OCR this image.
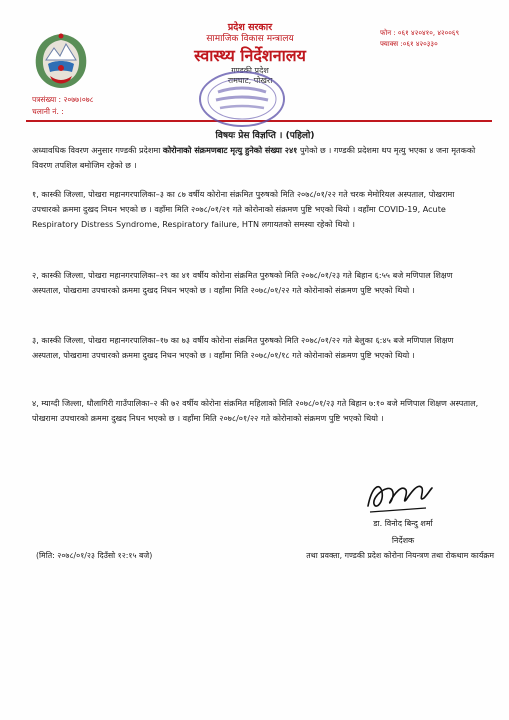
प्रदेश सरकार
सामाजिक विकास मन्त्रालय
स्वास्थ्य निर्देशनालय
गण्डकी प्रदेश
रामघाट, पोखरा
फोन : ०६१ ४२०४१०, ४२००६९
फ्याक्स :०६१ ४२०३३०
पत्रसंख्या : २०७७।०७८
चलानी नं. :
विषयः प्रेस विज्ञप्ति । (पहिलो)
अध्यावधिक विवरण अनुसार गण्डकी प्रदेशमा कोरोनाको संक्रमणबाट मृत्यु हुनेको संख्या २४१ पुगेको छ । गण्डकी प्रदेशमा थप मृत्यु भएका ४ जना मृतकको विवरण तपशिल बमोजिम रहेको छ ।
१, कास्की जिल्ला, पोखरा महानगरपालिका–३ का ८७ वर्षीय कोरोना संक्रमित पुरुषको मिति २०७८/०१/२२ गते चरक मेमोरियल अस्पताल, पोखरामा उपचारको क्रममा दुखद निधन भएको छ । वहाँमा मिति २०७८/०१/२१ गते कोरोनाको संक्रमण पुष्टि भएको थियो । वहाँमा COVID-19, Acute Respiratory Distress Syndrome, Respiratory failure, HTN लगायतको समस्या रहेको थियो ।
२, कास्की जिल्ला, पोखरा महानगरपालिका–२९ का ४१ वर्षीय कोरोना संक्रमित पुरुषको मिति २०७८/०१/२३ गते बिहान ६:५५ बजे मणिपाल शिक्षण अस्पताल, पोखरामा उपचारको क्रममा दुखद निधन भएको छ । वहाँमा मिति २०७८/०१/२२ गते कोरोनाको संक्रमण पुष्टि भएको थियो ।
३, कास्की जिल्ला, पोखरा महानगरपालिका–१७ का ७३ वर्षीय कोरोना संक्रमित पुरुषको मिति २०७८/०१/२२ गते बेलुका ६:४५ बजे मणिपाल शिक्षण अस्पताल, पोखरामा उपचारको क्रममा दुखद निधन भएको छ । वहाँमा मिति २०७८/०१/१८ गते कोरोनाको संक्रमण पुष्टि भएको थियो ।
४, म्याग्दी जिल्ला, धौलागिरी गाउँपालिका–२ की ७२ वर्षीय कोरोना संक्रमित महिलाको मिति २०७८/०१/२३ गते बिहान ७:१० बजे मणिपाल शिक्षण अस्पताल, पोखरामा उपचारको क्रममा दुखद निधन भएको छ । वहाँमा मिति २०७८/०१/२२ गते कोरोनाको संक्रमण पुष्टि भएको थियो ।
डा. विनोद बिन्दु शर्मा
निर्देशक
(मिति: २०७८/०१/२३ दिउँसो १२:१५ बजे)	तथा प्रवक्ता, गण्डकी प्रदेश कोरोना नियन्त्रण तथा रोकथाम कार्यक्रम
